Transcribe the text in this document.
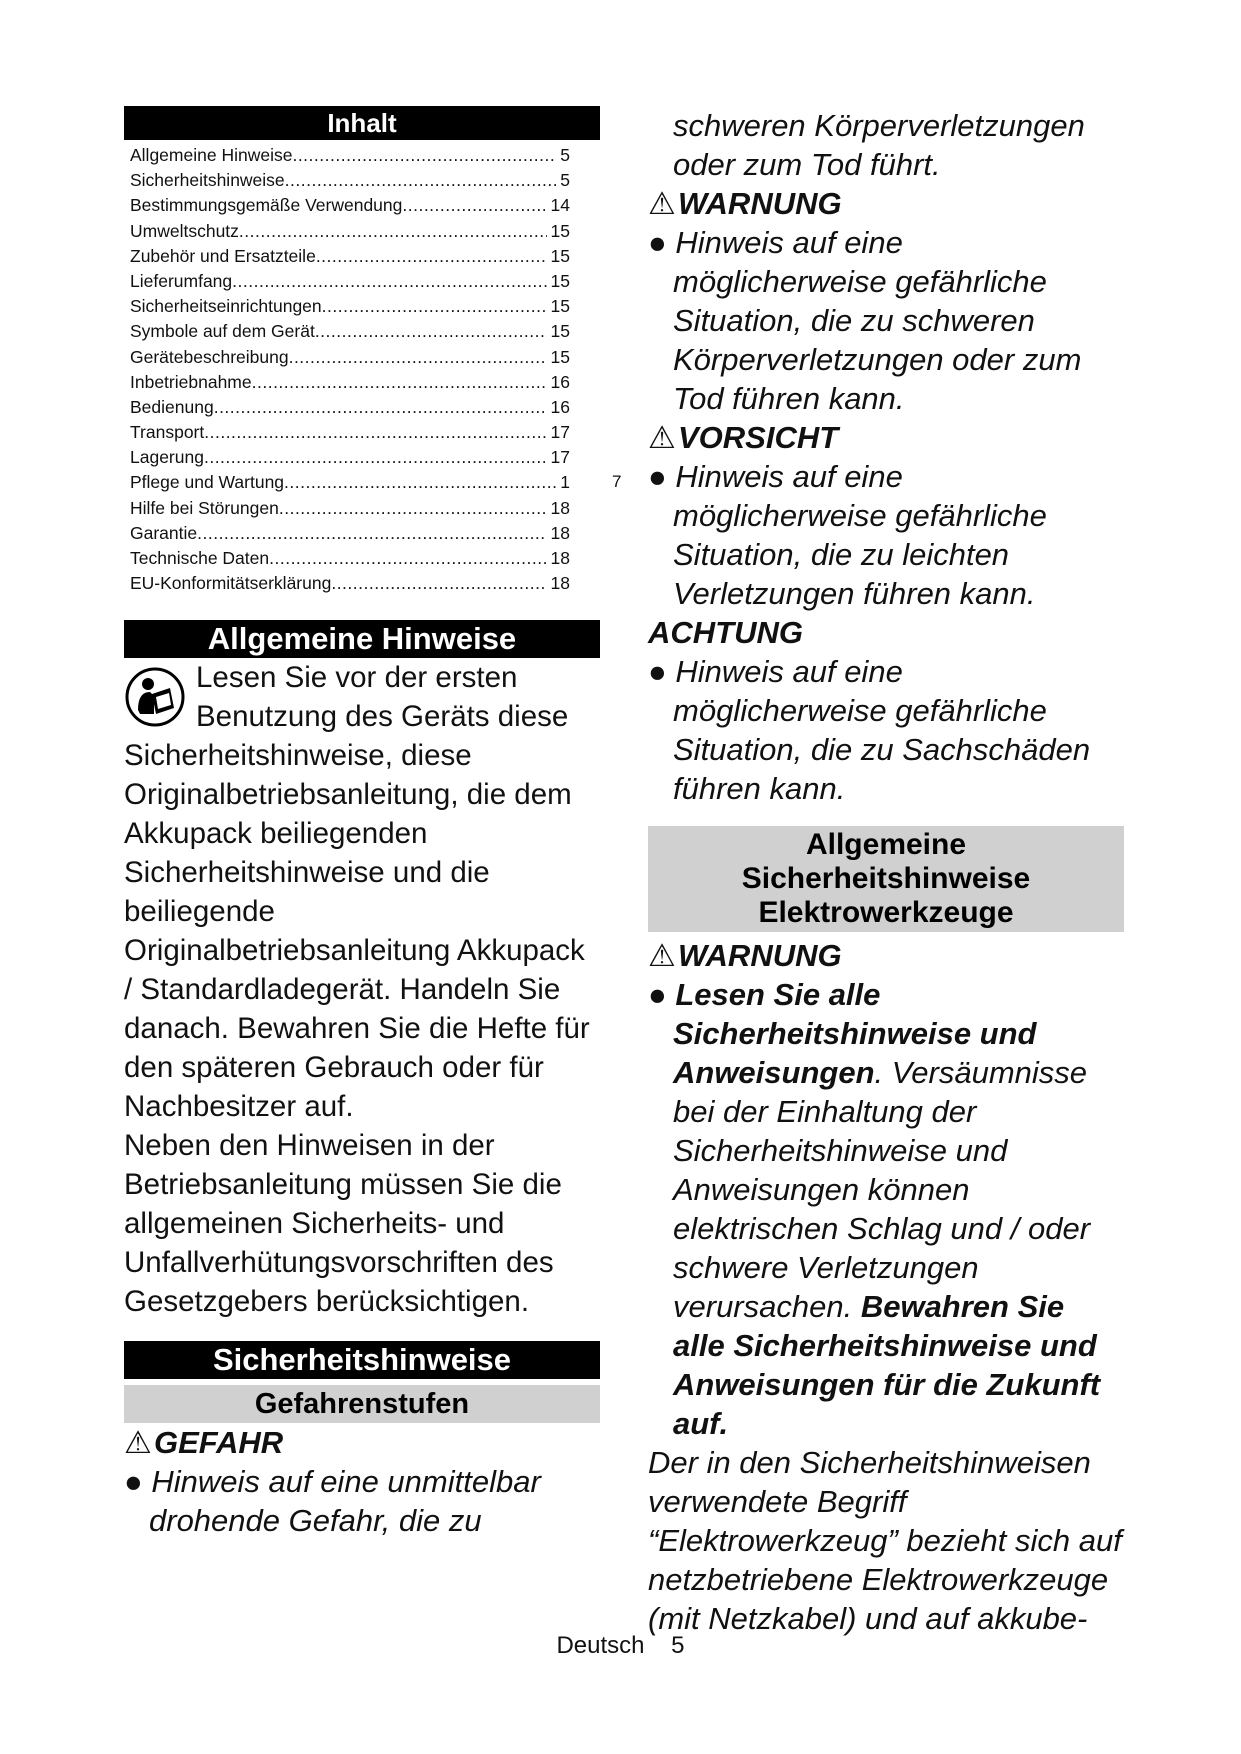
Inhalt
Allgemeine Hinweise .....	5
Sicherheitshinweise .....	5
Bestimmungsgemäße Verwendung .....	14
Umweltschutz .....	15
Zubehör und Ersatzteile .....	15
Lieferumfang .....	15
Sicherheitseinrichtungen .....	15
Symbole auf dem Gerät .....	15
Gerätebeschreibung .....	15
Inbetriebnahme .....	16
Bedienung .....	16
Transport .....	17
Lagerung .....	17
Pflege und Wartung .....	1
Hilfe bei Störungen .....	18
Garantie .....	18
Technische Daten .....	18
EU-Konformitätserklärung .....	18
Allgemeine Hinweise

Lesen Sie vor der ersten Benutzung des Geräts diese Sicherheitshinweise, diese Originalbetriebsanleitung, die dem Akkupack beiliegenden Sicherheitshinweise und die beiliegende Originalbetriebsanleitung Akkupack / Standardladegerät. Handeln Sie danach. Bewahren Sie die Hefte für den späteren Gebrauch oder für Nachbesitzer auf.

Neben den Hinweisen in der Betriebsanleitung müssen Sie die allgemeinen Sicherheits- und Unfallverhütungsvorschriften des Gesetzgebers berücksichtigen.

Sicherheitshinweise
Gefahrenstufen
⚠GEFAHR

● Hinweis auf eine unmittelbar drohende Gefahr, die zu

7

schweren Körperverletzungen oder zum Tod führt.

⚠WARNUNG

● Hinweis auf eine möglicherweise gefährliche Situation, die zu schweren Körperverletzungen oder zum Tod führen kann.

⚠VORSICHT

● Hinweis auf eine möglicherweise gefährliche Situation, die zu leichten Verletzungen führen kann.

ACHTUNG

● Hinweis auf eine möglicherweise gefährliche Situation, die zu Sachschäden führen kann.

Allgemeine
Sicherheitshinweise
Elektrowerkzeuge
⚠WARNUNG

● Lesen Sie alle Sicherheitshinweise und Anweisungen. Versäumnisse bei der Einhaltung der Sicherheitshinweise und Anweisungen können elektrischen Schlag und / oder schwere Verletzungen verursachen. Bewahren Sie alle Sicherheitshinweise und Anweisungen für die Zukunft auf.

Der in den Sicherheitshinweisen verwendete Begriff “Elektrowerkzeug” bezieht sich auf netzbetriebene Elektrowerkzeuge (mit Netzkabel) und auf akkube-

Deutsch 5
